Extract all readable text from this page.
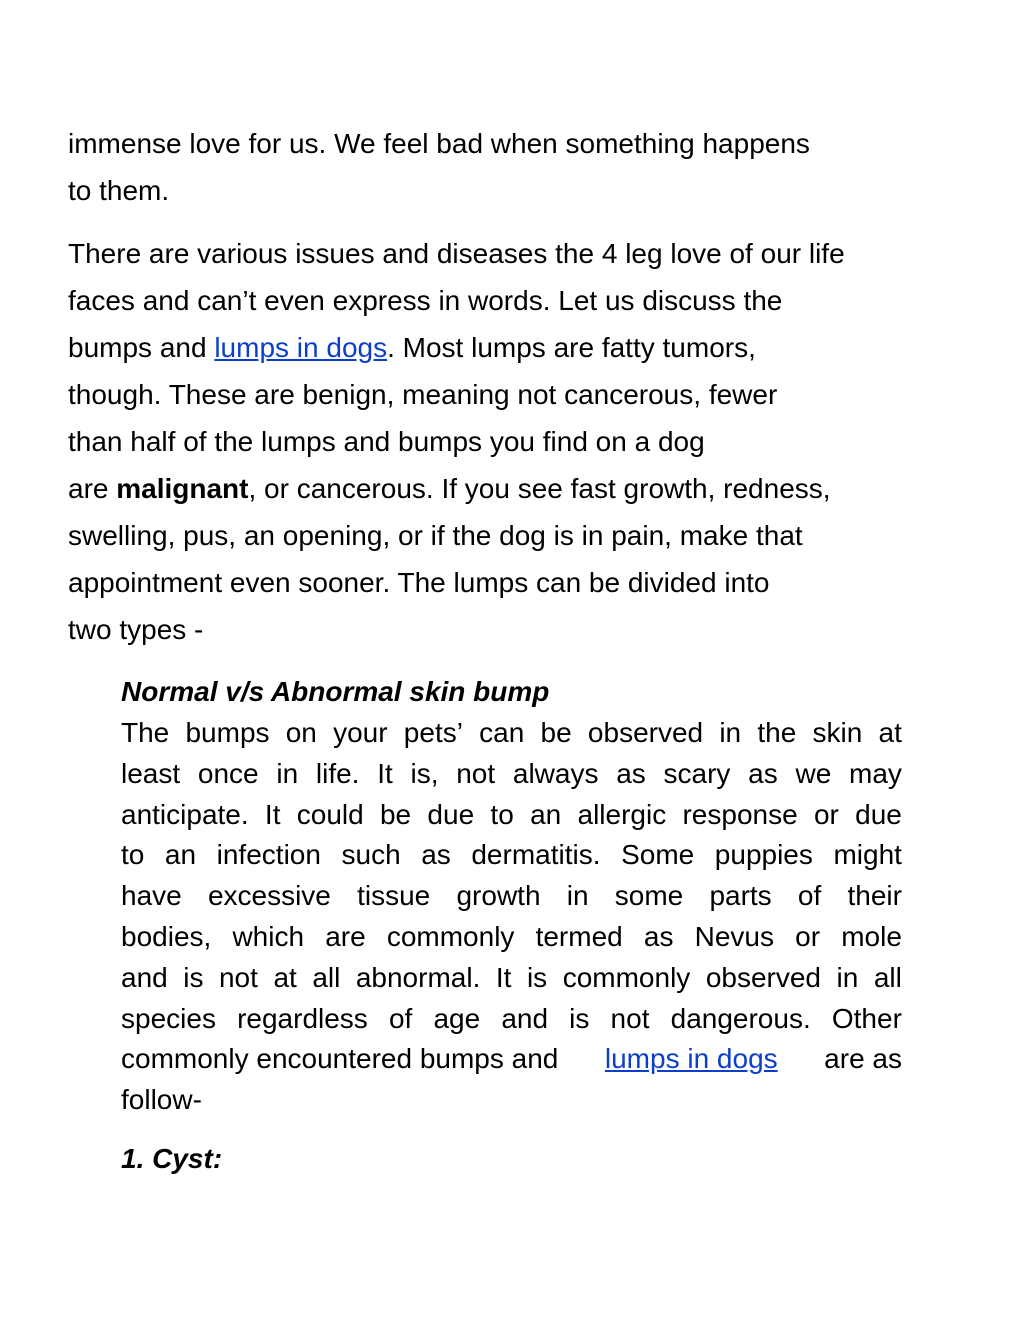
immense love for us. We feel bad when something happens
to them.

There are various issues and diseases the 4 leg love of our life
faces and can’t even express in words. Let us discuss the
bumps and lumps in dogs. Most lumps are fatty tumors,
though. These are benign, meaning not cancerous, fewer
than half of the lumps and bumps you find on a dog
are malignant, or cancerous. If you see fast growth, redness,
swelling, pus, an opening, or if the dog is in pain, make that
appointment even sooner. The lumps can be divided into
two types -

Normal v/s Abnormal skin bump
The bumps on your pets’ can be observed in the skin at
least once in life. It is, not always as scary as we may
anticipate. It could be due to an allergic response or due
to an infection such as dermatitis. Some puppies might
have excessive tissue growth in some parts of their
bodies, which are commonly termed as Nevus or mole
and is not at all abnormal. It is commonly observed in all
species regardless of age and is not dangerous. Other
commonly encountered bumps and lumps in dogs are as
follow-
1. Cyst:
